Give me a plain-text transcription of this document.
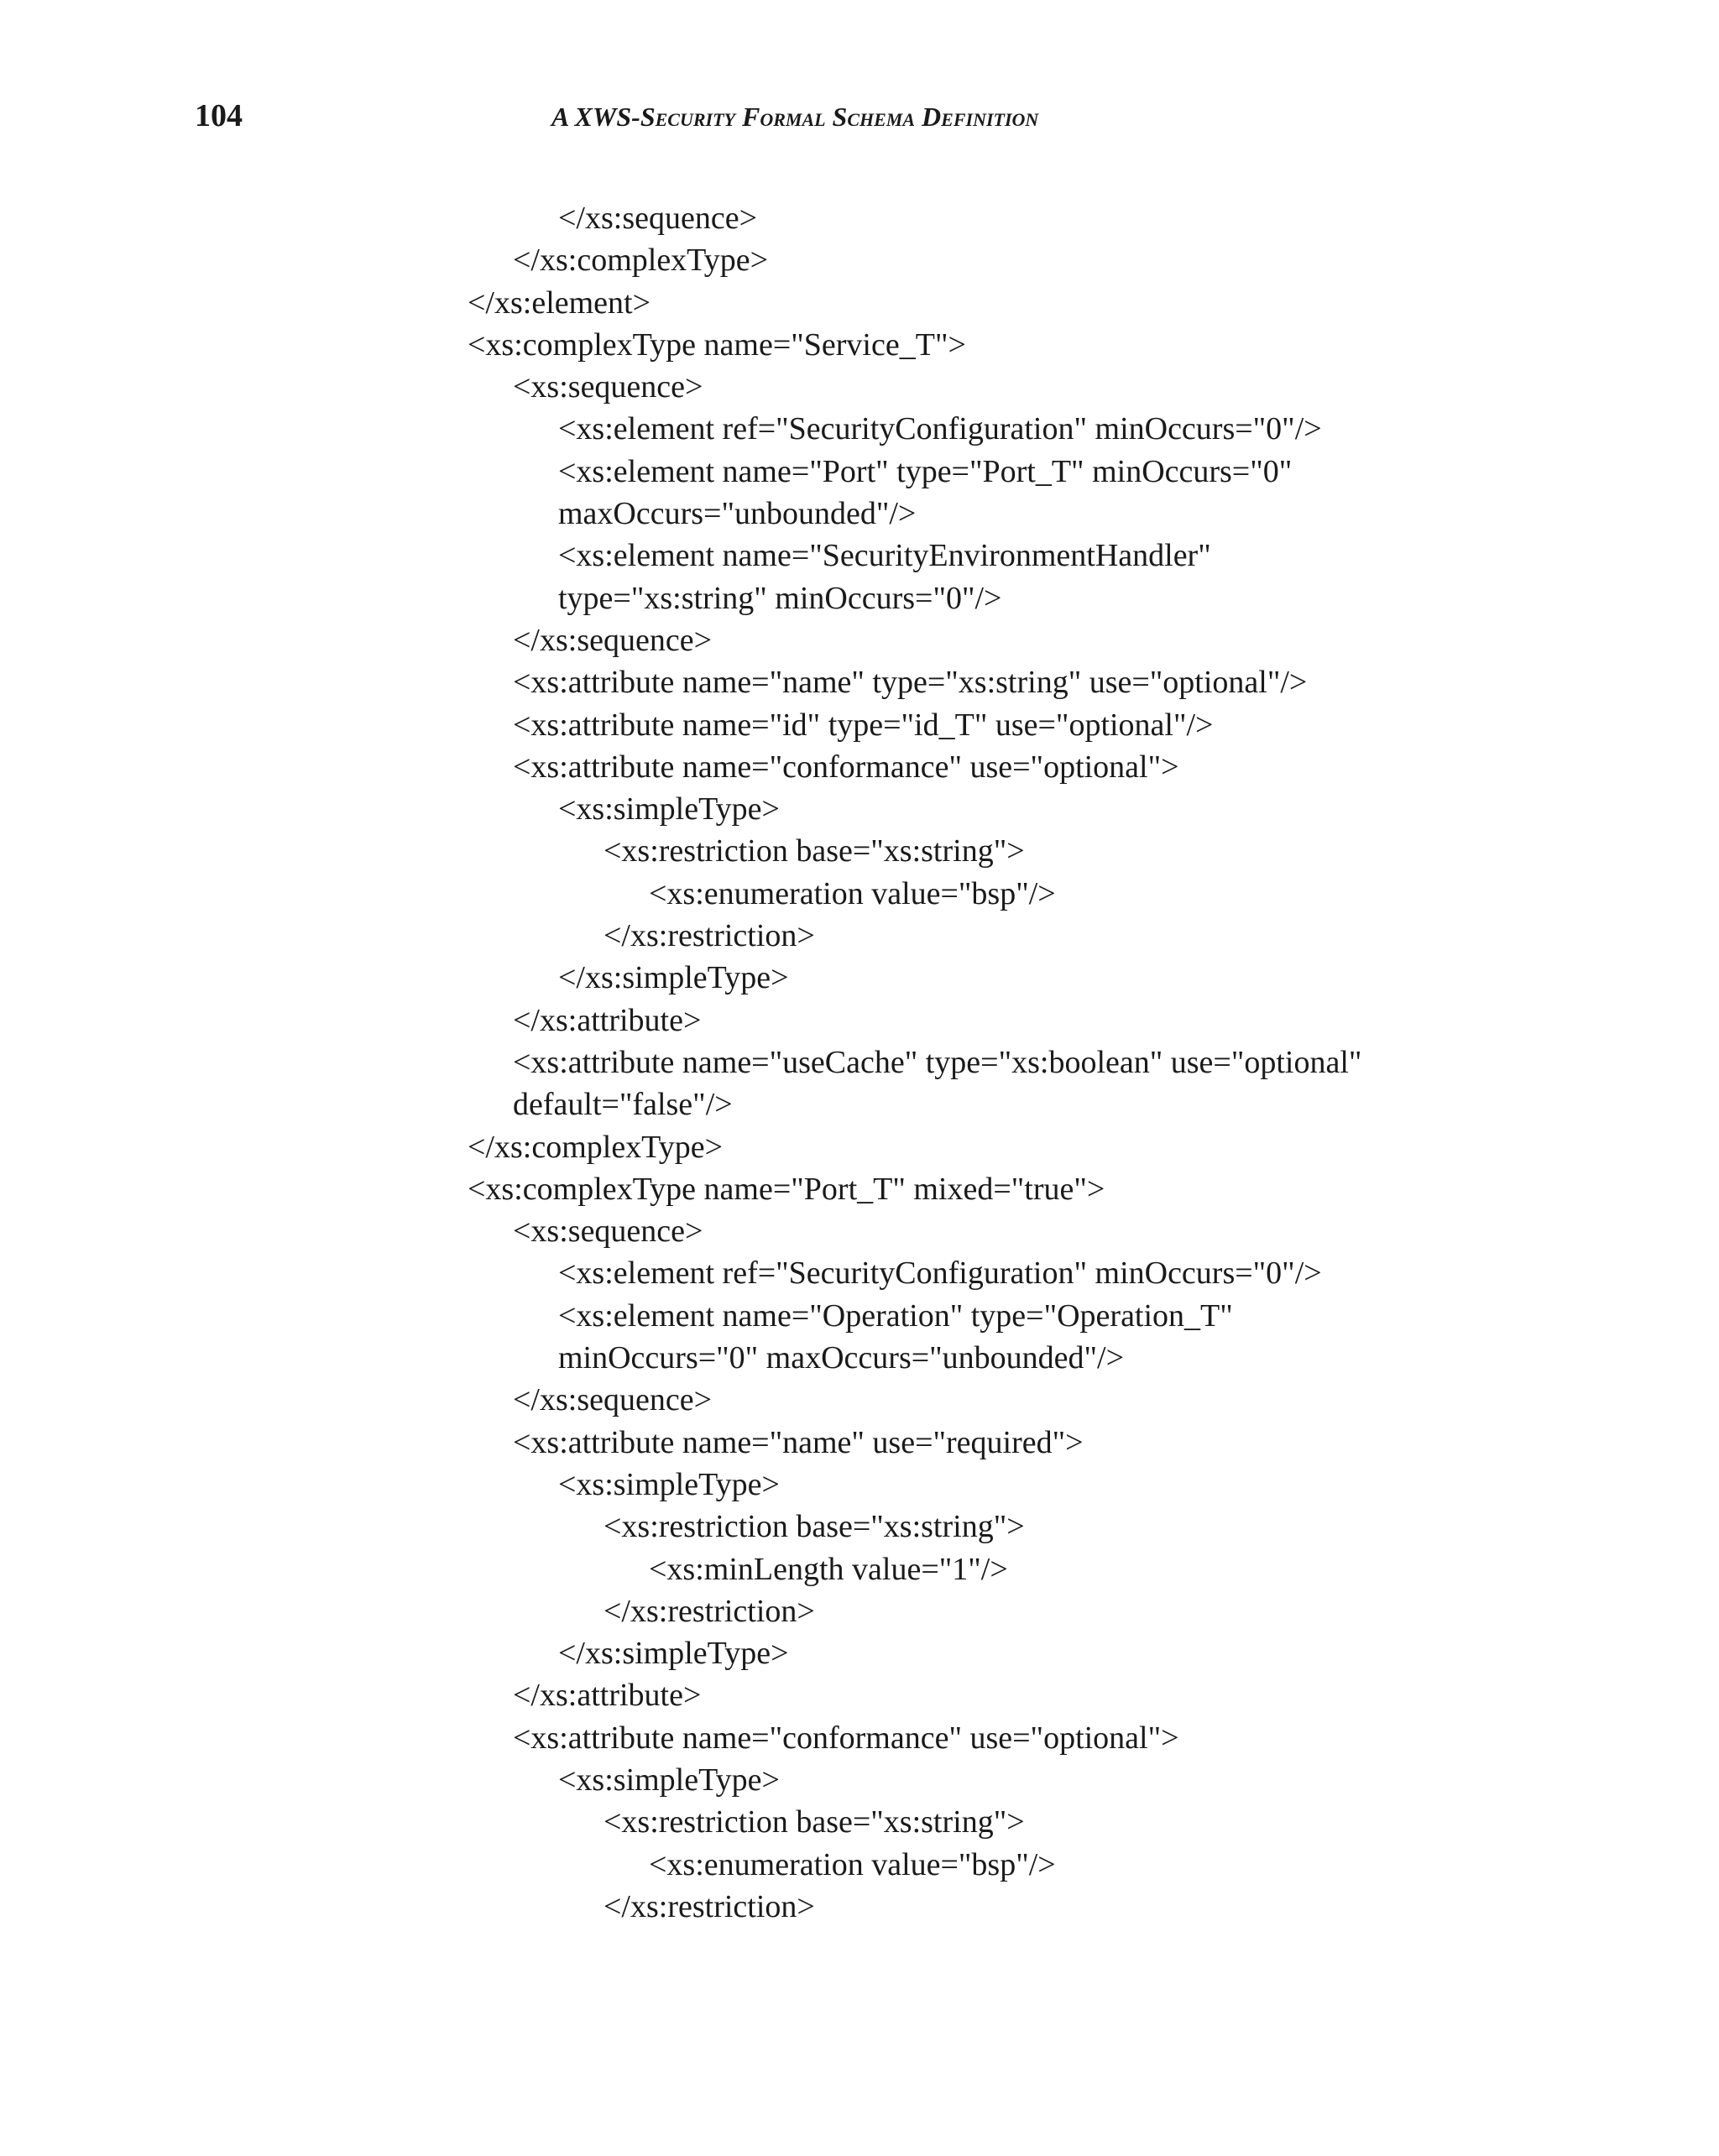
104	A XWS-Security Formal Schema Definition
</xs:sequence>
</xs:complexType>
</xs:element>
<xs:complexType name="Service_T">
<xs:sequence>
<xs:element ref="SecurityConfiguration" minOccurs="0"/>
<xs:element name="Port" type="Port_T" minOccurs="0"
maxOccurs="unbounded"/>
<xs:element name="SecurityEnvironmentHandler"
type="xs:string" minOccurs="0"/>
</xs:sequence>
<xs:attribute name="name" type="xs:string" use="optional"/>
<xs:attribute name="id" type="id_T" use="optional"/>
<xs:attribute name="conformance" use="optional">
<xs:simpleType>
<xs:restriction base="xs:string">
<xs:enumeration value="bsp"/>
</xs:restriction>
</xs:simpleType>
</xs:attribute>
<xs:attribute name="useCache" type="xs:boolean" use="optional"
default="false"/>
</xs:complexType>
<xs:complexType name="Port_T" mixed="true">
<xs:sequence>
<xs:element ref="SecurityConfiguration" minOccurs="0"/>
<xs:element name="Operation" type="Operation_T"
minOccurs="0" maxOccurs="unbounded"/>
</xs:sequence>
<xs:attribute name="name" use="required">
<xs:simpleType>
<xs:restriction base="xs:string">
<xs:minLength value="1"/>
</xs:restriction>
</xs:simpleType>
</xs:attribute>
<xs:attribute name="conformance" use="optional">
<xs:simpleType>
<xs:restriction base="xs:string">
<xs:enumeration value="bsp"/>
</xs:restriction>
